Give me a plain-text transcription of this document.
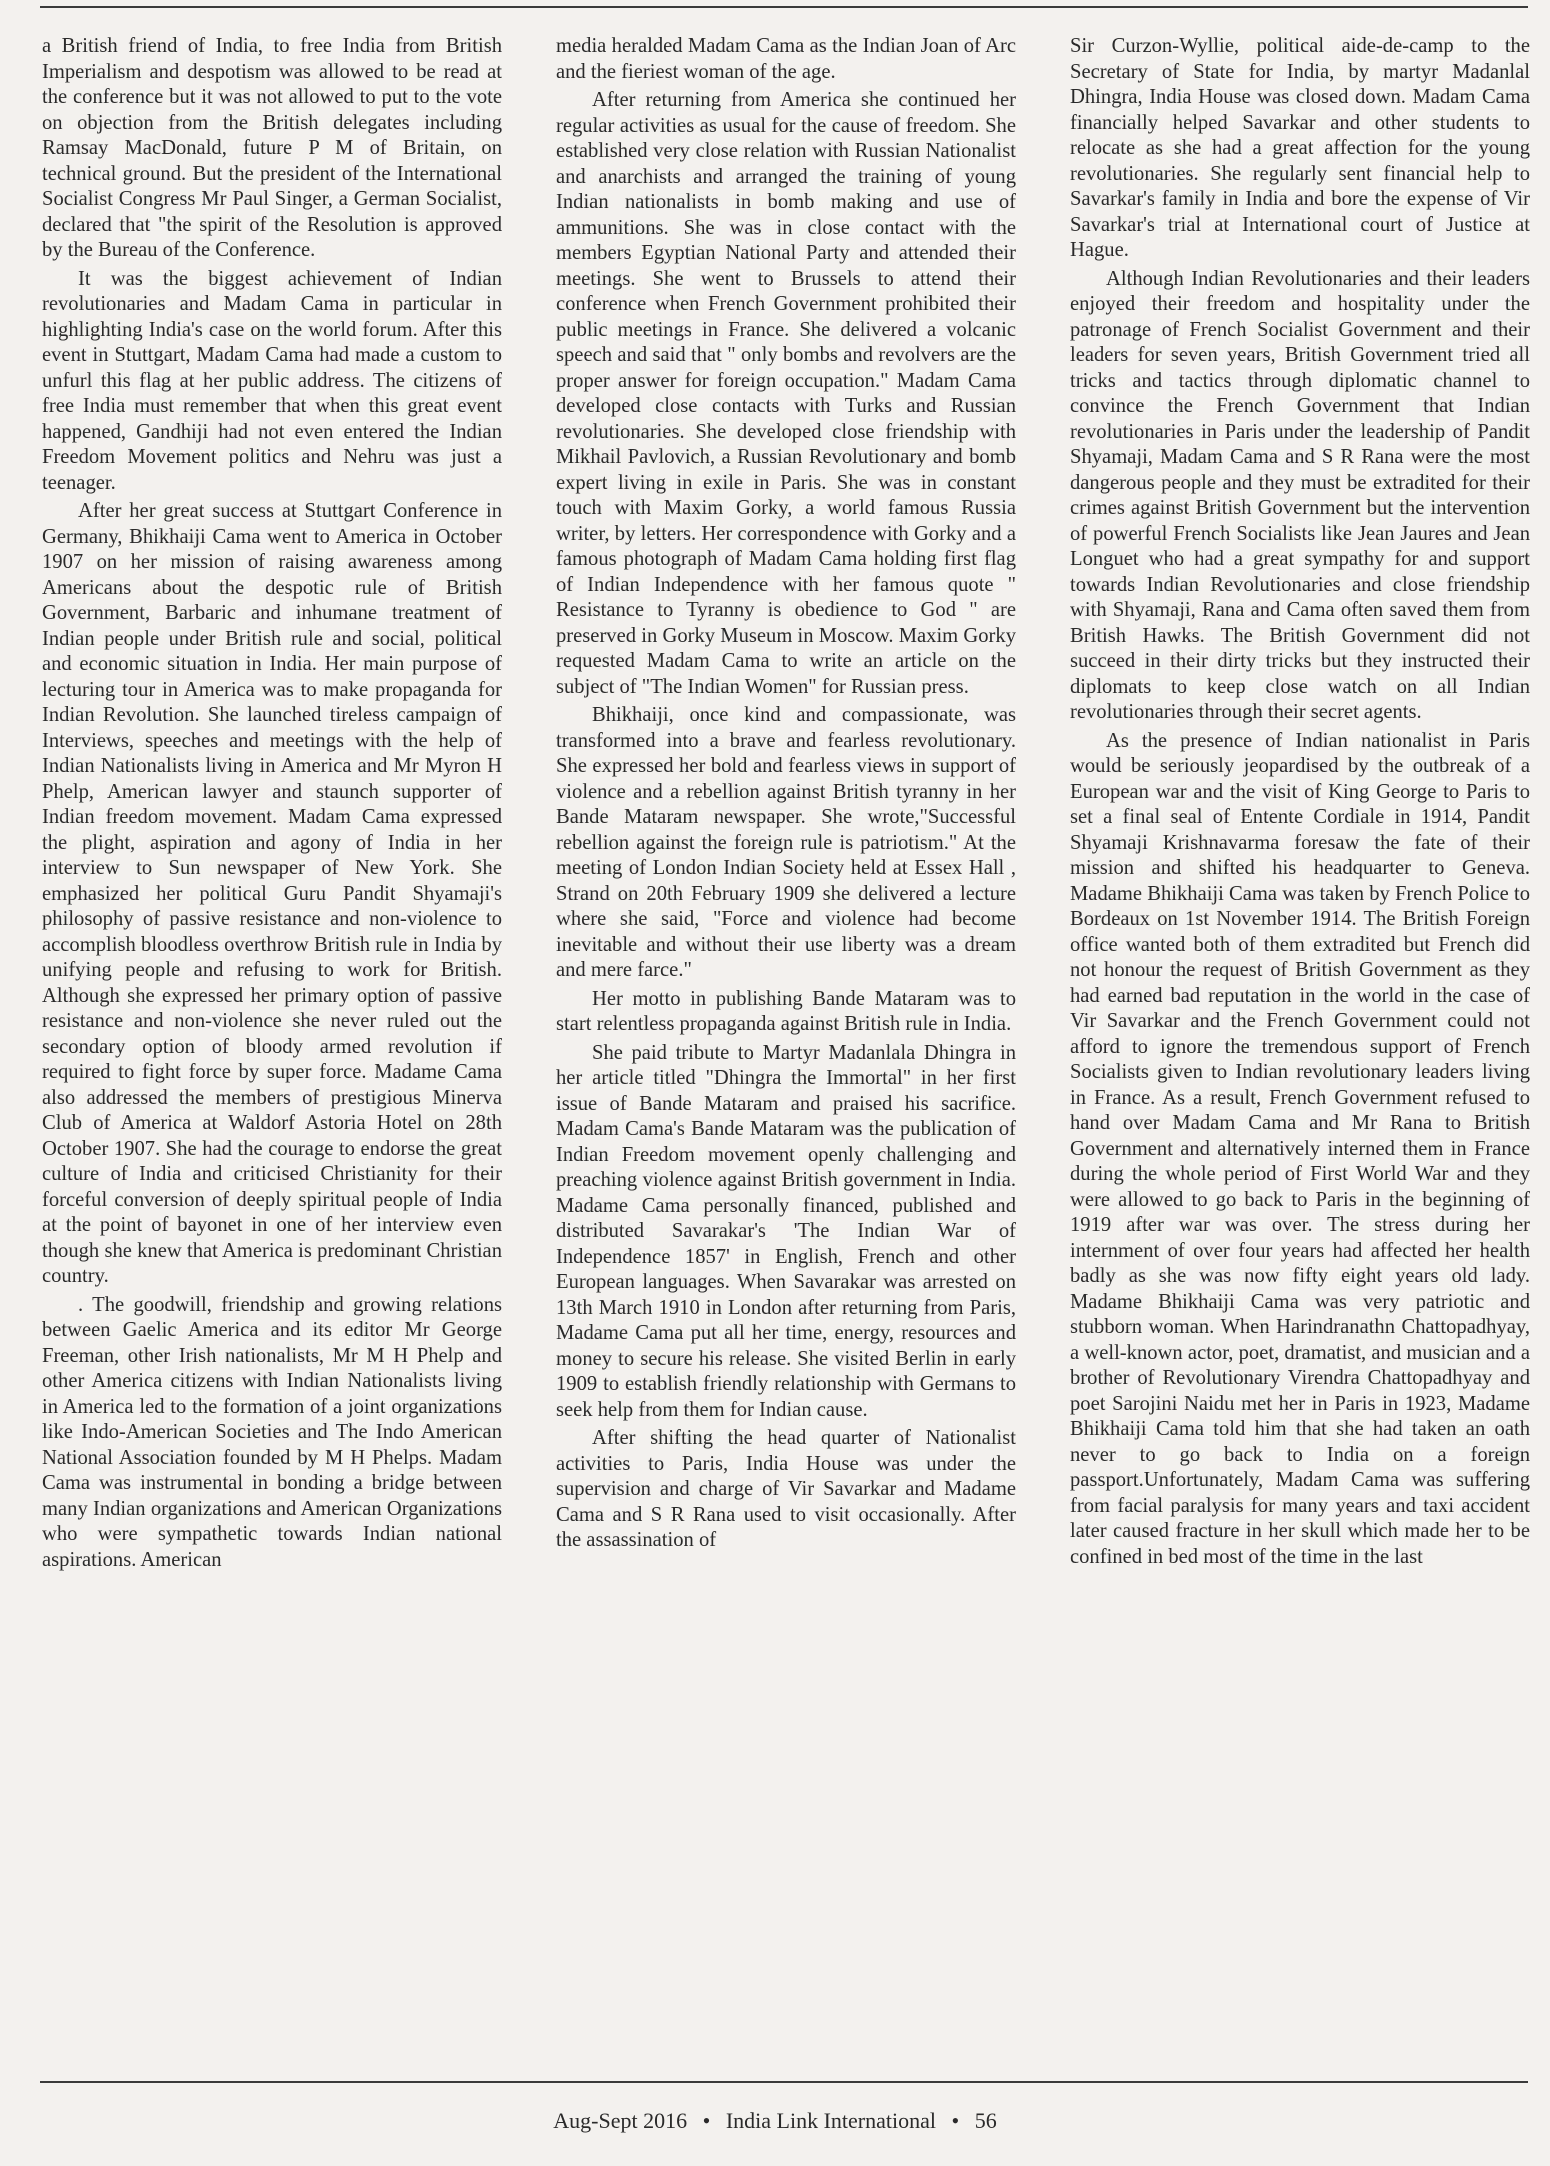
a British friend of India, to free India from British Imperialism and despotism was allowed to be read at the conference but it was not allowed to put to the vote on objection from the British delegates including Ramsay MacDonald, future P M of Britain, on technical ground. But the president of the International Socialist Congress Mr Paul Singer, a German Socialist, declared that "the spirit of the Resolution is approved by the Bureau of the Conference.

It was the biggest achievement of Indian revolutionaries and Madam Cama in particular in highlighting India's case on the world forum. After this event in Stuttgart, Madam Cama had made a custom to unfurl this flag at her public address. The citizens of free India must remember that when this great event happened, Gandhiji had not even entered the Indian Freedom Movement politics and Nehru was just a teenager.

After her great success at Stuttgart Conference in Germany, Bhikhaiji Cama went to America in October 1907 on her mission of raising awareness among Americans about the despotic rule of British Government, Barbaric and inhumane treatment of Indian people under British rule and social, political and economic situation in India. Her main purpose of lecturing tour in America was to make propaganda for Indian Revolution. She launched tireless campaign of Interviews, speeches and meetings with the help of Indian Nationalists living in America and Mr Myron H Phelp, American lawyer and staunch supporter of Indian freedom movement. Madam Cama expressed the plight, aspiration and agony of India in her interview to Sun newspaper of New York. She emphasized her political Guru Pandit Shyamaji's philosophy of passive resistance and non-violence to accomplish bloodless overthrow British rule in India by unifying people and refusing to work for British. Although she expressed her primary option of passive resistance and non-violence she never ruled out the secondary option of bloody armed revolution if required to fight force by super force. Madame Cama also addressed the members of prestigious Minerva Club of America at Waldorf Astoria Hotel on 28th October 1907. She had the courage to endorse the great culture of India and criticised Christianity for their forceful conversion of deeply spiritual people of India at the point of bayonet in one of her interview even though she knew that America is predominant Christian country.

. The goodwill, friendship and growing relations between Gaelic America and its editor Mr George Freeman, other Irish nationalists, Mr M H Phelp and other America citizens with Indian Nationalists living in America led to the formation of a joint organizations like Indo-American Societies and The Indo American National Association founded by M H Phelps. Madam Cama was instrumental in bonding a bridge between many Indian organizations and American Organizations who were sympathetic towards Indian national aspirations. American

media heralded Madam Cama as the Indian Joan of Arc and the fieriest woman of the age.

After returning from America she continued her regular activities as usual for the cause of freedom. She established very close relation with Russian Nationalist and anarchists and arranged the training of young Indian nationalists in bomb making and use of ammunitions. She was in close contact with the members Egyptian National Party and attended their meetings. She went to Brussels to attend their conference when French Government prohibited their public meetings in France. She delivered a volcanic speech and said that " only bombs and revolvers are the proper answer for foreign occupation." Madam Cama developed close contacts with Turks and Russian revolutionaries. She developed close friendship with Mikhail Pavlovich, a Russian Revolutionary and bomb expert living in exile in Paris. She was in constant touch with Maxim Gorky, a world famous Russia writer, by letters. Her correspondence with Gorky and a famous photograph of Madam Cama holding first flag of Indian Independence with her famous quote " Resistance to Tyranny is obedience to God " are preserved in Gorky Museum in Moscow. Maxim Gorky requested Madam Cama to write an article on the subject of "The Indian Women" for Russian press.

Bhikhaiji, once kind and compassionate, was transformed into a brave and fearless revolutionary. She expressed her bold and fearless views in support of violence and a rebellion against British tyranny in her Bande Mataram newspaper. She wrote,"Successful rebellion against the foreign rule is patriotism." At the meeting of London Indian Society held at Essex Hall , Strand on 20th February 1909 she delivered a lecture where she said, "Force and violence had become inevitable and without their use liberty was a dream and mere farce."

Her motto in publishing Bande Mataram was to start relentless propaganda against British rule in India.

She paid tribute to Martyr Madanlala Dhingra in her article titled "Dhingra the Immortal" in her first issue of Bande Mataram and praised his sacrifice. Madam Cama's Bande Mataram was the publication of Indian Freedom movement openly challenging and preaching violence against British government in India. Madame Cama personally financed, published and distributed Savarakar's 'The Indian War of Independence 1857' in English, French and other European languages. When Savarakar was arrested on 13th March 1910 in London after returning from Paris, Madame Cama put all her time, energy, resources and money to secure his release. She visited Berlin in early 1909 to establish friendly relationship with Germans to seek help from them for Indian cause.

After shifting the head quarter of Nationalist activities to Paris, India House was under the supervision and charge of Vir Savarkar and Madame Cama and S R Rana used to visit occasionally. After the assassination of

Sir Curzon-Wyllie, political aide-de-camp to the Secretary of State for India, by martyr Madanlal Dhingra, India House was closed down. Madam Cama financially helped Savarkar and other students to relocate as she had a great affection for the young revolutionaries. She regularly sent financial help to Savarkar's family in India and bore the expense of Vir Savarkar's trial at International court of Justice at Hague.

Although Indian Revolutionaries and their leaders enjoyed their freedom and hospitality under the patronage of French Socialist Government and their leaders for seven years, British Government tried all tricks and tactics through diplomatic channel to convince the French Government that Indian revolutionaries in Paris under the leadership of Pandit Shyamaji, Madam Cama and S R Rana were the most dangerous people and they must be extradited for their crimes against British Government but the intervention of powerful French Socialists like Jean Jaures and Jean Longuet who had a great sympathy for and support towards Indian Revolutionaries and close friendship with Shyamaji, Rana and Cama often saved them from British Hawks. The British Government did not succeed in their dirty tricks but they instructed their diplomats to keep close watch on all Indian revolutionaries through their secret agents.

As the presence of Indian nationalist in Paris would be seriously jeopardised by the outbreak of a European war and the visit of King George to Paris to set a final seal of Entente Cordiale in 1914, Pandit Shyamaji Krishnavarma foresaw the fate of their mission and shifted his headquarter to Geneva. Madame Bhikhaiji Cama was taken by French Police to Bordeaux on 1st November 1914. The British Foreign office wanted both of them extradited but French did not honour the request of British Government as they had earned bad reputation in the world in the case of Vir Savarkar and the French Government could not afford to ignore the tremendous support of French Socialists given to Indian revolutionary leaders living in France. As a result, French Government refused to hand over Madam Cama and Mr Rana to British Government and alternatively interned them in France during the whole period of First World War and they were allowed to go back to Paris in the beginning of 1919 after war was over. The stress during her internment of over four years had affected her health badly as she was now fifty eight years old lady. Madame Bhikhaiji Cama was very patriotic and stubborn woman. When Harindranathn Chattopadhyay, a well-known actor, poet, dramatist, and musician and a brother of Revolutionary Virendra Chattopadhyay and poet Sarojini Naidu met her in Paris in 1923, Madame Bhikhaiji Cama told him that she had taken an oath never to go back to India on a foreign passport.Unfortunately, Madam Cama was suffering from facial paralysis for many years and taxi accident later caused fracture in her skull which made her to be confined in bed most of the time in the last

Aug-Sept 2016 • India Link International • 56
